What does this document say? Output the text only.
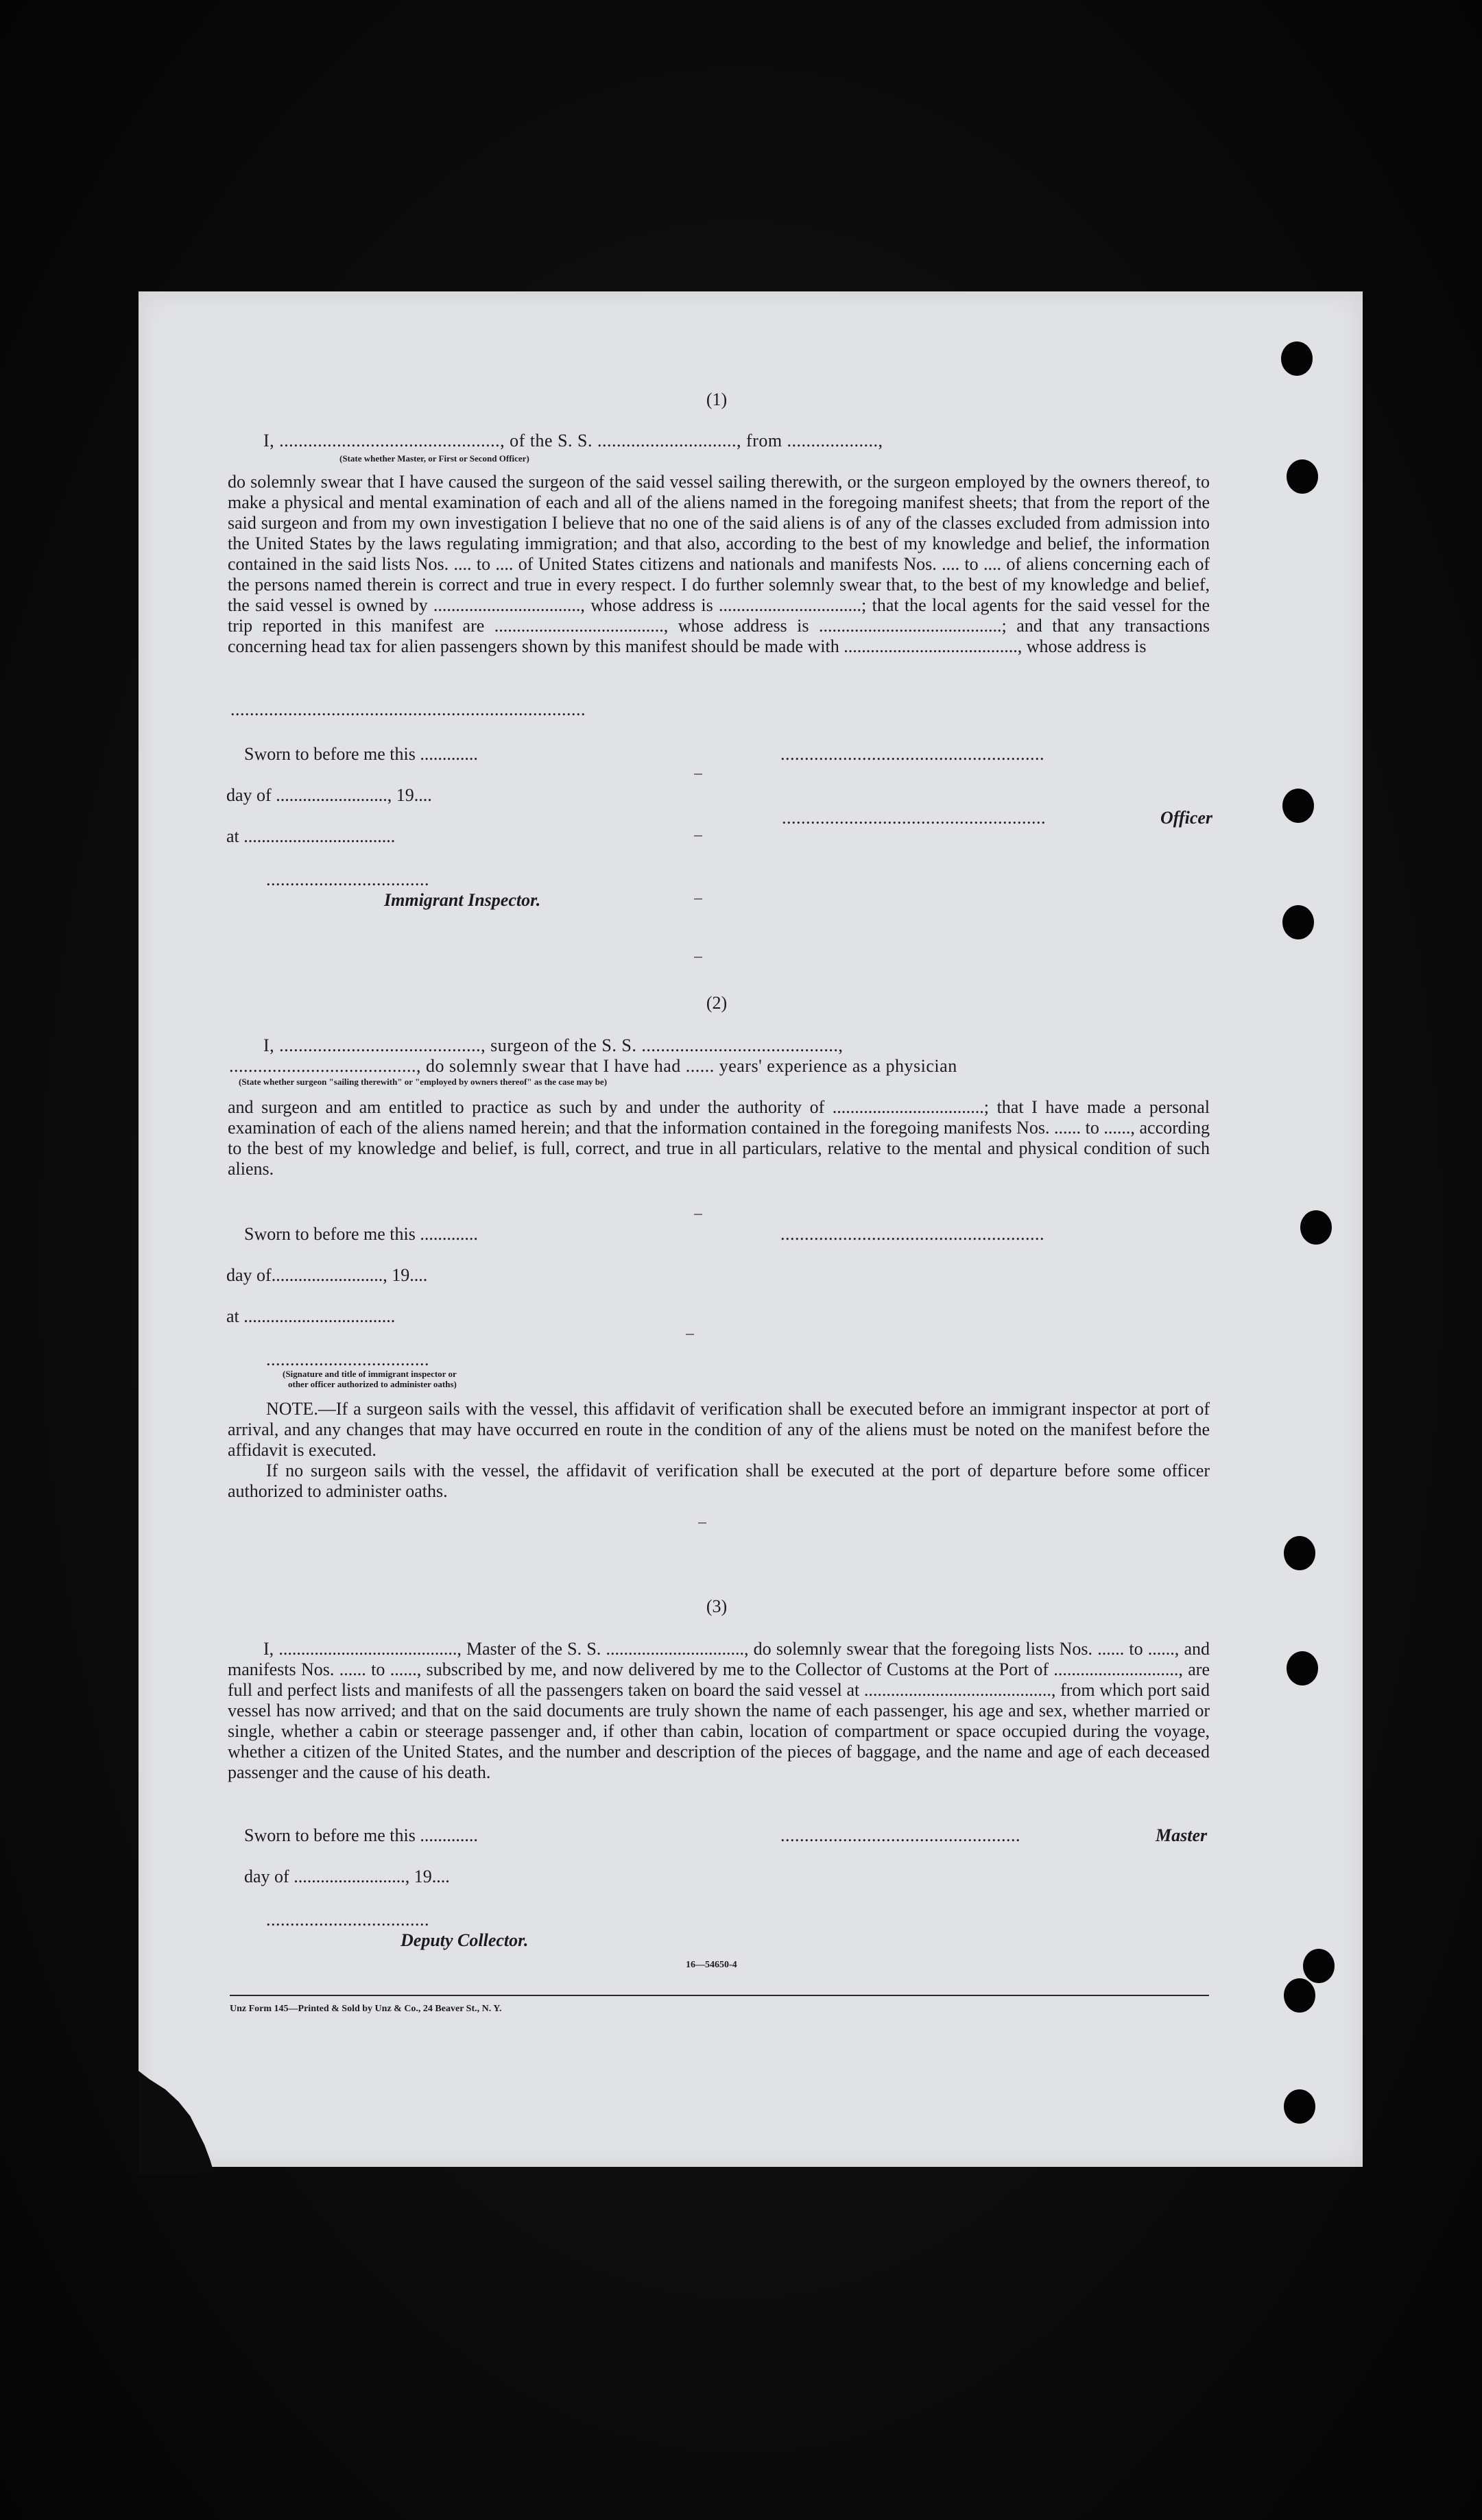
(1)
I, .............................................., of the S. S. ............................., from ...................,
(State whether Master, or First or Second Officer)
do solemnly swear that I have caused the surgeon of the said vessel sailing therewith, or the surgeon employed by the owners thereof, to make a physical and mental examination of each and all of the aliens named in the foregoing manifest sheets; that from the report of the said surgeon and from my own investigation I believe that no one of the said aliens is of any of the classes excluded from admission into the United States by the laws regulating immigration; and that also, according to the best of my knowledge and belief, the information contained in the said lists Nos. .... to .... of United States citizens and nationals and manifests Nos. .... to .... of aliens concerning each of the persons named therein is correct and true in every respect. I do further solemnly swear that, to the best of my knowledge and belief, the said vessel is owned by ................................., whose address is ................................; that the local agents for the said vessel for the trip reported in this manifest are ......................................, whose address is .........................................; and that any transactions concerning head tax for alien passengers shown by this manifest should be made with ......................................., whose address is
..........................................................................
Sworn to before me this .............	.......................................................
day of ........................., 19....
.......................................................	Officer
at ..................................
..................................
Immigrant Inspector.
(2)
I, .........................................., surgeon of the S. S. .........................................,
......................................., do solemnly swear that I have had ...... years' experience as a physician
(State whether surgeon "sailing therewith" or "employed by owners thereof" as the case may be)
and surgeon and am entitled to practice as such by and under the authority of ..................................; that I have made a personal examination of each of the aliens named herein; and that the information contained in the foregoing manifests Nos. ...... to ......, according to the best of my knowledge and belief, is full, correct, and true in all particulars, relative to the mental and physical condition of such aliens.
Sworn to before me this .............	.......................................................
day of........................., 19....
at ..................................
..................................
(Signature and title of immigrant inspector or
other officer authorized to administer oaths)
NOTE.—If a surgeon sails with the vessel, this affidavit of verification shall be executed before an immigrant inspector at port of arrival, and any changes that may have occurred en route in the condition of any of the aliens must be noted on the manifest before the affidavit is executed.
If no surgeon sails with the vessel, the affidavit of verification shall be executed at the port of departure before some officer authorized to administer oaths.
(3)
I, ........................................, Master of the S. S. ..............................., do solemnly swear that the foregoing lists Nos. ...... to ......, and manifests Nos. ...... to ......, subscribed by me, and now delivered by me to the Collector of Customs at the Port of ............................, are full and perfect lists and manifests of all the passengers taken on board the said vessel at .........................................., from which port said vessel has now arrived; and that on the said documents are truly shown the name of each passenger, his age and sex, whether married or single, whether a cabin or steerage passenger and, if other than cabin, location of compartment or space occupied during the voyage, whether a citizen of the United States, and the number and description of the pieces of baggage, and the name and age of each deceased passenger and the cause of his death.
Sworn to before me this .............	..................................................	Master
day of ........................., 19....
..................................
Deputy Collector.
16—54650-4
Unz Form 145—Printed & Sold by Unz & Co., 24 Beaver St., N. Y.
